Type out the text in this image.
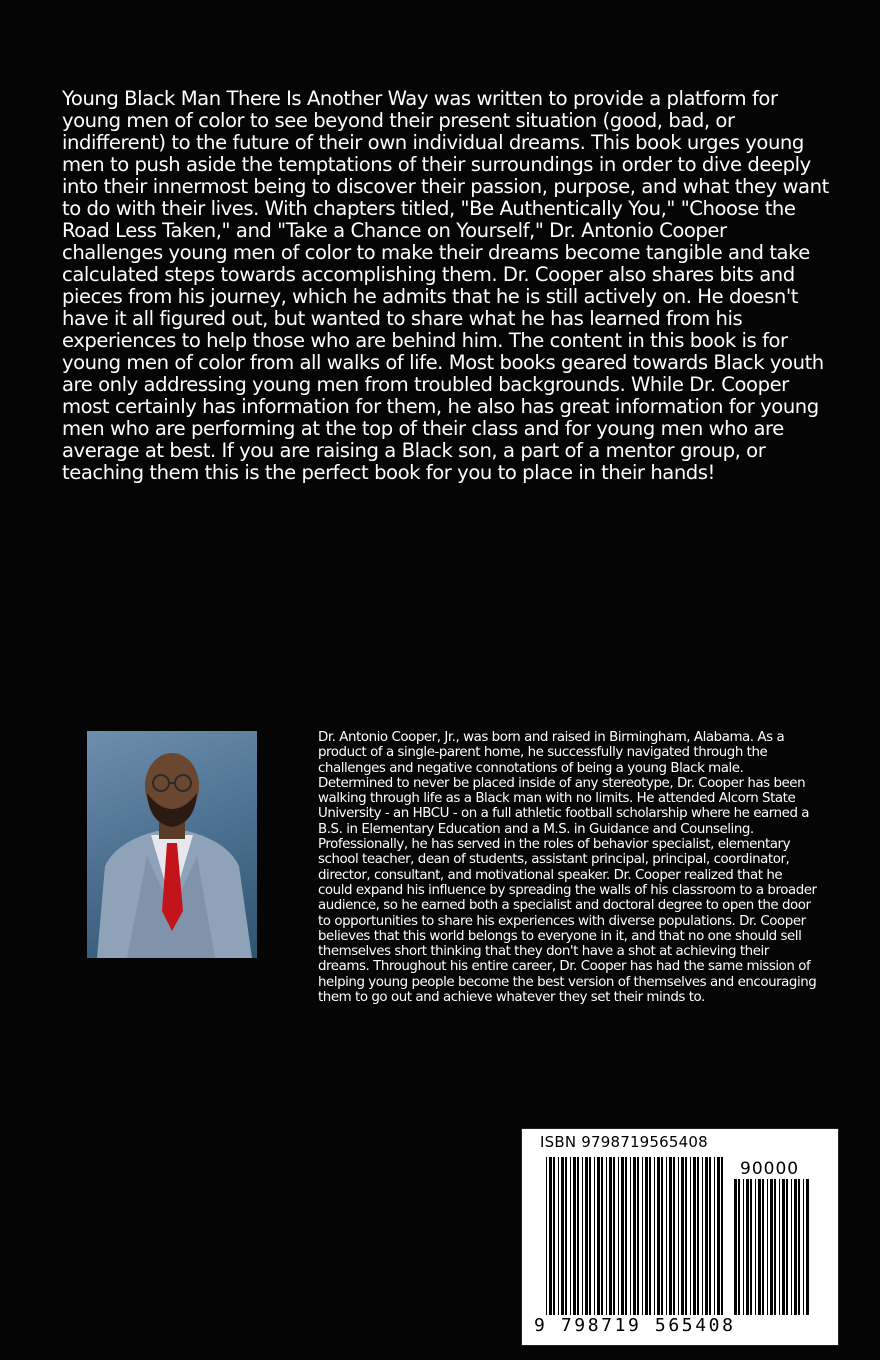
Young Black Man There Is Another Way was written to provide a platform for young men of color to see beyond their present situation (good, bad, or indifferent) to the future of their own individual dreams. This book urges young men to push aside the temptations of their surroundings in order to dive deeply into their innermost being to discover their passion, purpose, and what they want to do with their lives. With chapters titled, "Be Authentically You," "Choose the Road Less Taken," and "Take a Chance on Yourself," Dr. Antonio Cooper challenges young men of color to make their dreams become tangible and take calculated steps towards accomplishing them. Dr. Cooper also shares bits and pieces from his journey, which he admits that he is still actively on. He doesn't have it all figured out, but wanted to share what he has learned from his experiences to help those who are behind him. The content in this book is for young men of color from all walks of life. Most books geared towards Black youth are only addressing young men from troubled backgrounds. While Dr. Cooper most certainly has information for them, he also has great information for young men who are performing at the top of their class and for young men who are average at best. If you are raising a Black son, a part of a mentor group, or teaching them this is the perfect book for you to place in their hands!

Dr. Antonio Cooper, Jr., was born and raised in Birmingham, Alabama. As a product of a single-parent home, he successfully navigated through the challenges and negative connotations of being a young Black male. Determined to never be placed inside of any stereotype, Dr. Cooper has been walking through life as a Black man with no limits. He attended Alcorn State University - an HBCU - on a full athletic football scholarship where he earned a B.S. in Elementary Education and a M.S. in Guidance and Counseling. Professionally, he has served in the roles of behavior specialist, elementary school teacher, dean of students, assistant principal, principal, coordinator, director, consultant, and motivational speaker. Dr. Cooper realized that he could expand his influence by spreading the walls of his classroom to a broader audience, so he earned both a specialist and doctoral degree to open the door to opportunities to share his experiences with diverse populations. Dr. Cooper believes that this world belongs to everyone in it, and that no one should sell themselves short thinking that they don't have a shot at achieving their dreams. Throughout his entire career, Dr. Cooper has had the same mission of helping young people become the best version of themselves and encouraging them to go out and achieve whatever they set their minds to.

ISBN 9798719565408
90000
9 798719 565408
